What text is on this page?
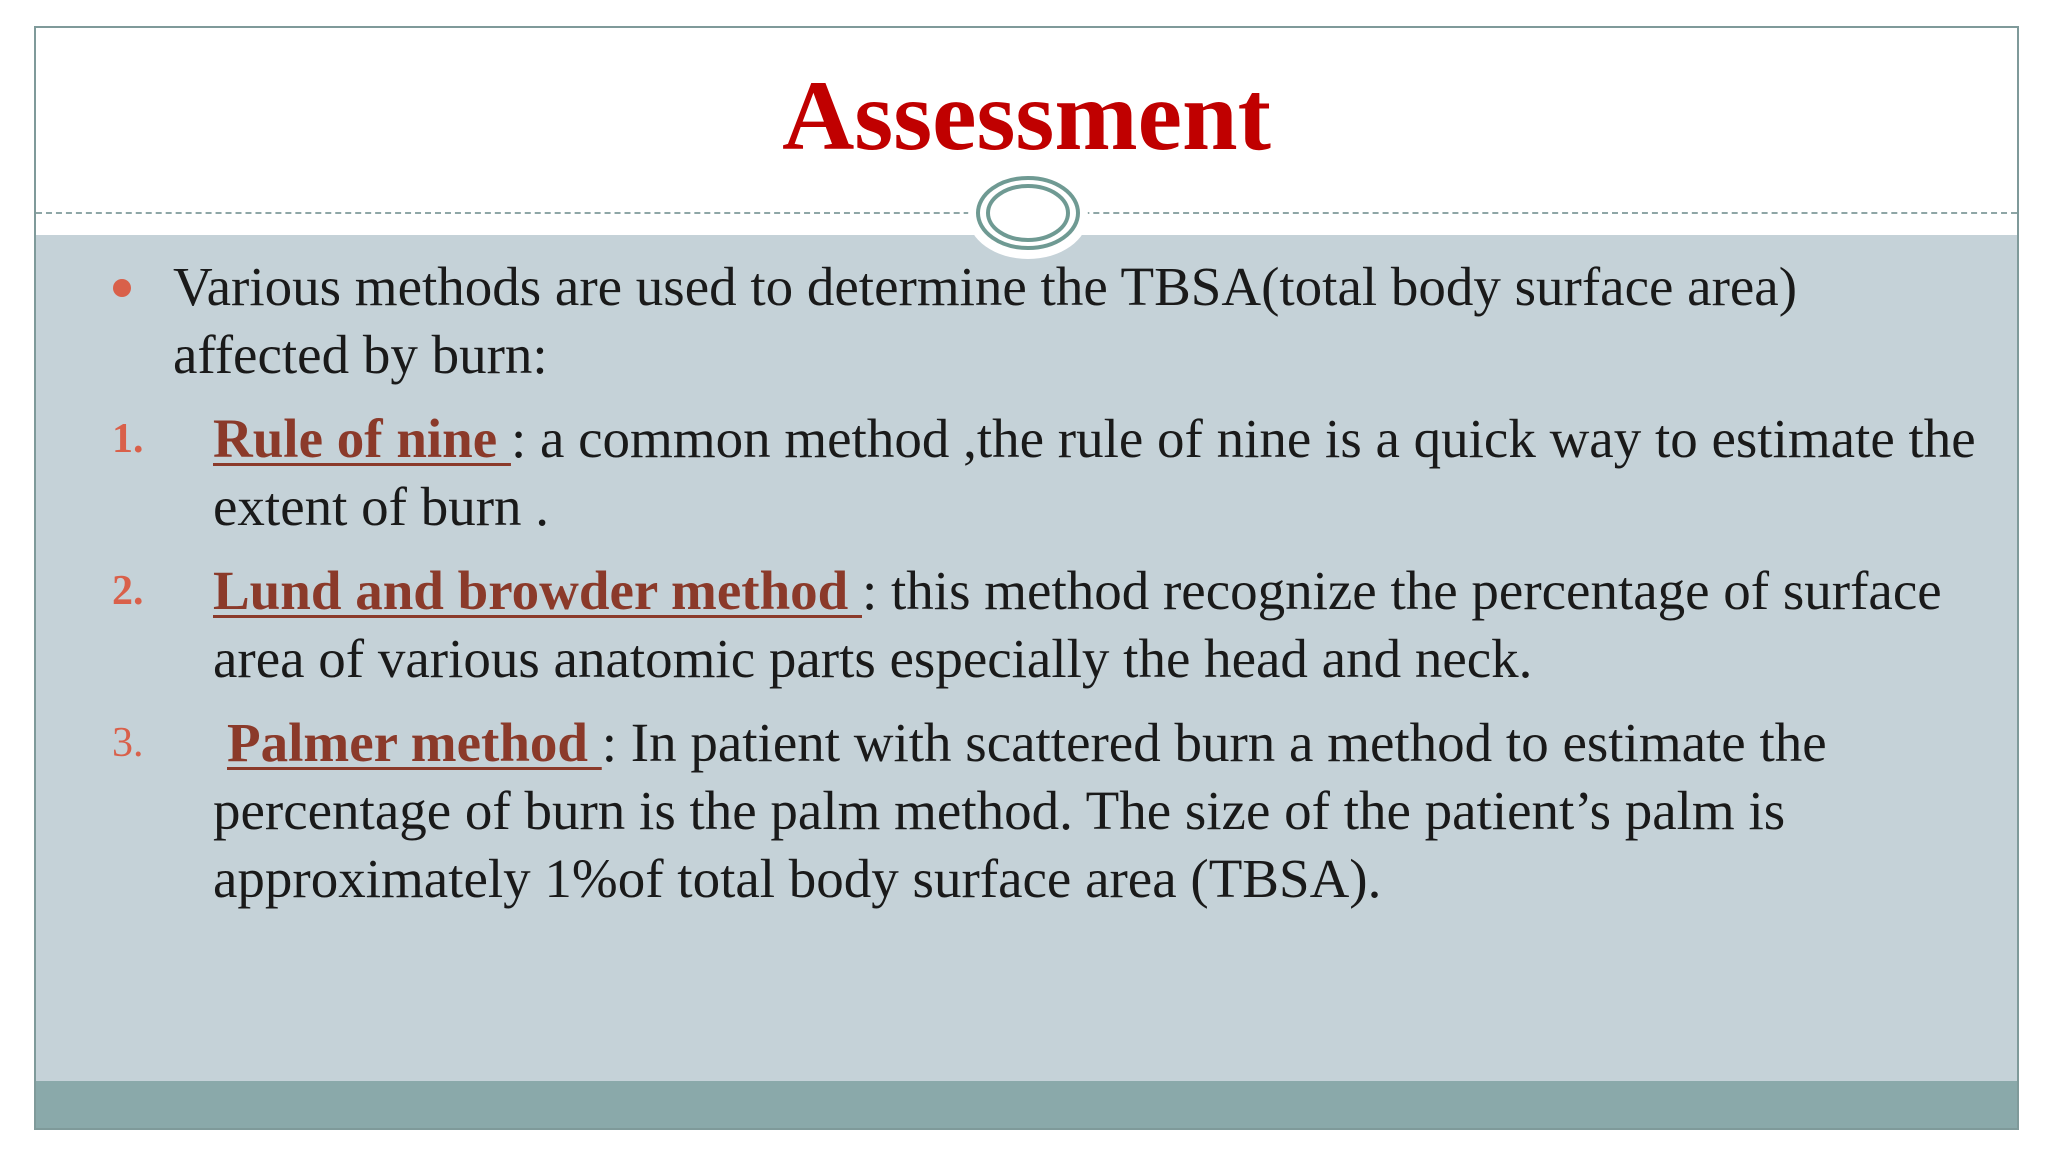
Assessment
Various methods are used to determine the TBSA(total body surface area) affected by burn:
1. Rule of nine : a common method ,the rule of nine is a quick way to estimate the extent of burn .
2. Lund and browder method : this method recognize the percentage of surface area of various anatomic parts especially the head and neck.
3. Palmer method : In patient with scattered burn a method to estimate the percentage of burn is the palm method. The size of the patient’s palm is approximately 1%of total body surface area (TBSA).
